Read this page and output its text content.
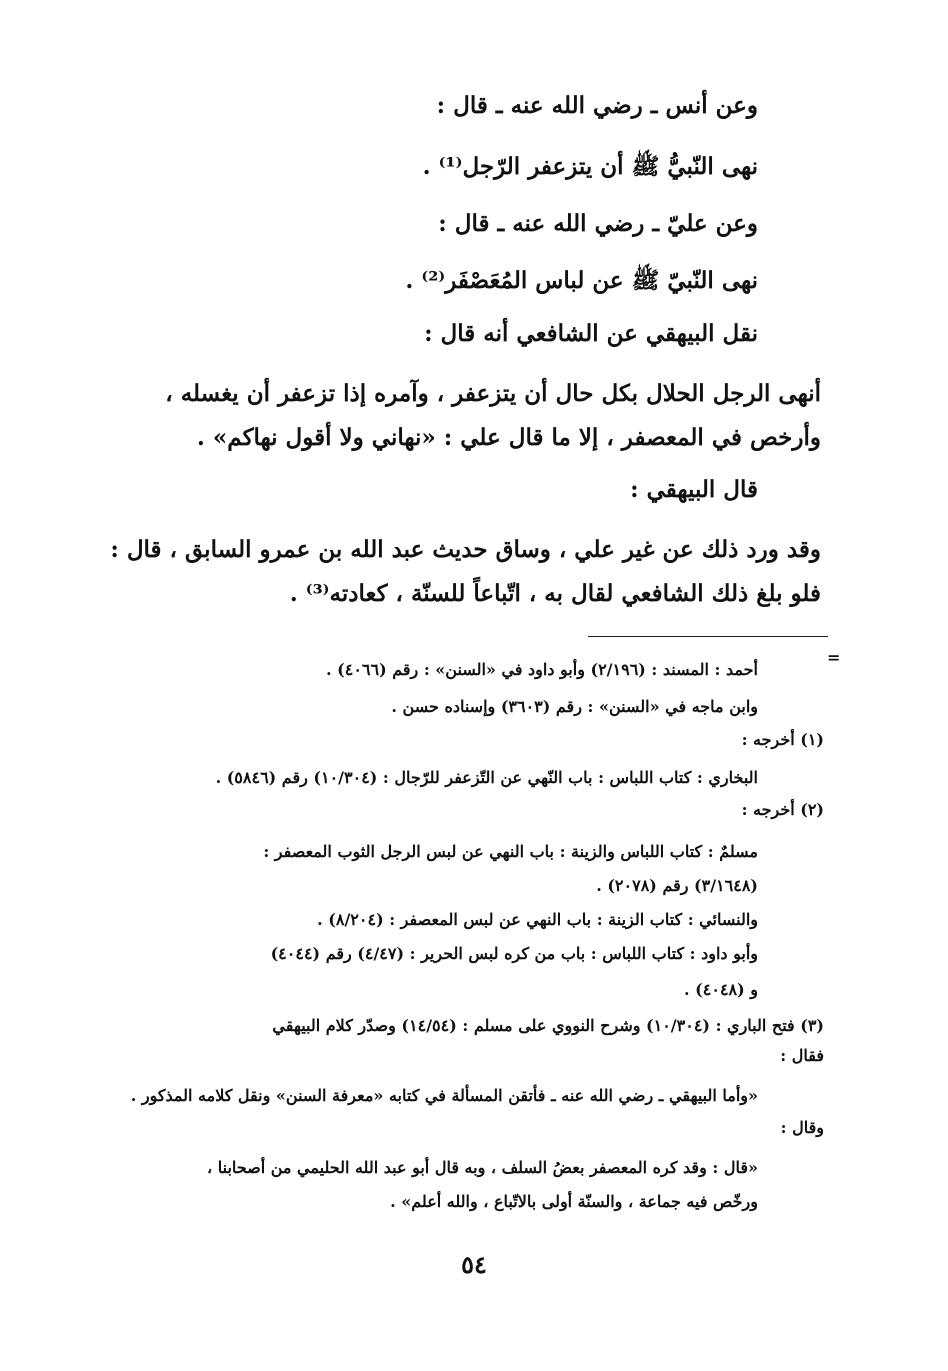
وعن أنس ـ رضي الله عنه ـ قال :

نهى النّبيُّ ﷺ أن يتزعفر الرّجل⁽¹⁾ .

وعن عليّ ـ رضي الله عنه ـ قال :

نهى النّبيّ ﷺ عن لباس المُعَصْفَر⁽²⁾ .

نقل البيهقي عن الشافعي أنه قال :

أنهى الرجل الحلال بكل حال أن يتزعفر ، وآمره إذا تزعفر أن يغسله ،

وأرخص في المعصفر ، إلا ما قال علي : «نهاني ولا أقول نهاكم» .

قال البيهقي :

وقد ورد ذلك عن غير علي ، وساق حديث عبد الله بن عمرو السابق ، قال :

فلو بلغ ذلك الشافعي لقال به ، اتّباعاً للسنّة ، كعادته⁽³⁾ .

=

أحمد : المسند : (٢/١٩٦) وأبو داود في «السنن» : رقم (٤٠٦٦) .

وابن ماجه في «السنن» : رقم (٣٦٠٣) وإسناده حسن .

(١) أخرجه :

البخاري : كتاب اللباس : باب النّهي عن التّزعفر للرّجال : (١٠/٣٠٤) رقم (٥٨٤٦) .

(٢) أخرجه :

مسلمٌ : كتاب اللباس والزينة : باب النهي عن لبس الرجل الثوب المعصفر :

(٣/١٦٤٨) رقم (٢٠٧٨) .

والنسائي : كتاب الزينة : باب النهي عن لبس المعصفر : (٨/٢٠٤) .

وأبو داود : كتاب اللباس : باب من كره لبس الحرير : (٤/٤٧) رقم (٤٠٤٤)

و (٤٠٤٨) .

(٣) فتح الباري : (١٠/٣٠٤) وشرح النووي على مسلم : (١٤/٥٤) وصدّر كلام البيهقي

فقال :

«وأما البيهقي ـ رضي الله عنه ـ فأتقن المسألة في كتابه «معرفة السنن» ونقل كلامه المذكور .

وقال :

«قال : وقد كره المعصفر بعضُ السلف ، وبه قال أبو عبد الله الحليمي من أصحابنا ،

ورخّص فيه جماعة ، والسنّة أولى بالاتّباع ، والله أعلم» .

٥٤
